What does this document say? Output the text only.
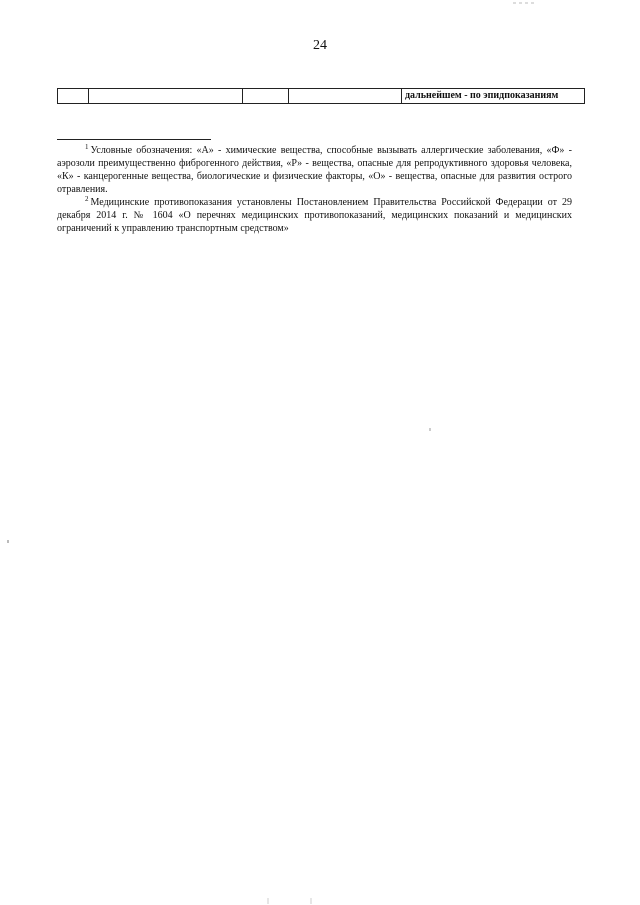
24
дальнейшем - по эпидпоказаниям

$^1$ Условные обозначения: «А» - химические вещества, способные вызывать аллергические заболевания, «Ф» - аэрозоли преимущественно фиброгенного действия, «Р» - вещества, опасные для репродуктивного здоровья человека, «К» - канцерогенные вещества, биологические и физические факторы, «О» - вещества, опасные для развития острого отравления.

$^2$ Медицинские противопоказания установлены Постановлением Правительства Российской Федерации от 29 декабря 2014 г. № 1604 «О перечнях медицинских противопоказаний, медицинских показаний и медицинских ограничений к управлению транспортным средством»
